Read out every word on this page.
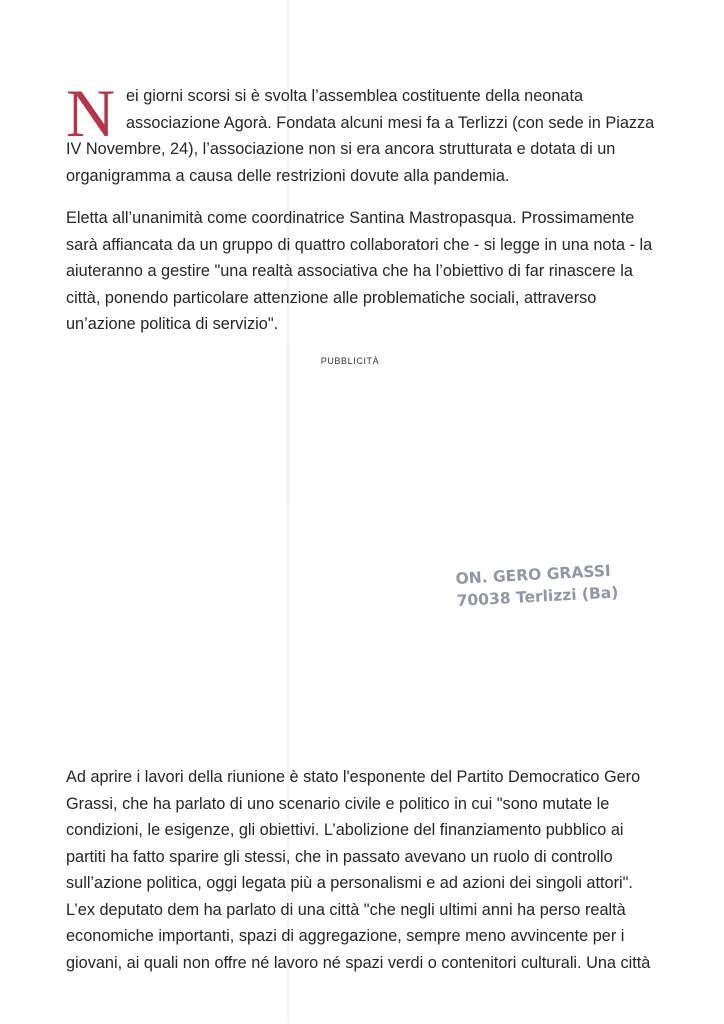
N ei giorni scorsi si è svolta l’assemblea costituente della neonata
associazione Agorà. Fondata alcuni mesi fa a Terlizzi (con sede in Piazza
IV Novembre, 24), l’associazione non si era ancora strutturata e dotata di un
organigramma a causa delle restrizioni dovute alla pandemia.

Eletta all’unanimità come coordinatrice Santina Mastropasqua. Prossimamente
sarà affiancata da un gruppo di quattro collaboratori che - si legge in una nota - la
aiuteranno a gestire "una realtà associativa che ha l’obiettivo di far rinascere la
città, ponendo particolare attenzione alle problematiche sociali, attraverso
un’azione politica di servizio".

PUBBLICITÀ
ON. GERO GRASSI
70038 Terlizzi (Ba)

Ad aprire i lavori della riunione è stato l'esponente del Partito Democratico Gero
Grassi, che ha parlato di uno scenario civile e politico in cui "sono mutate le
condizioni, le esigenze, gli obiettivi. L’abolizione del finanziamento pubblico ai
partiti ha fatto sparire gli stessi, che in passato avevano un ruolo di controllo
sull’azione politica, oggi legata più a personalismi e ad azioni dei singoli attori".
L’ex deputato dem ha parlato di una città "che negli ultimi anni ha perso realtà
economiche importanti, spazi di aggregazione, sempre meno avvincente per i
giovani, ai quali non offre né lavoro né spazi verdi o contenitori culturali. Una città
